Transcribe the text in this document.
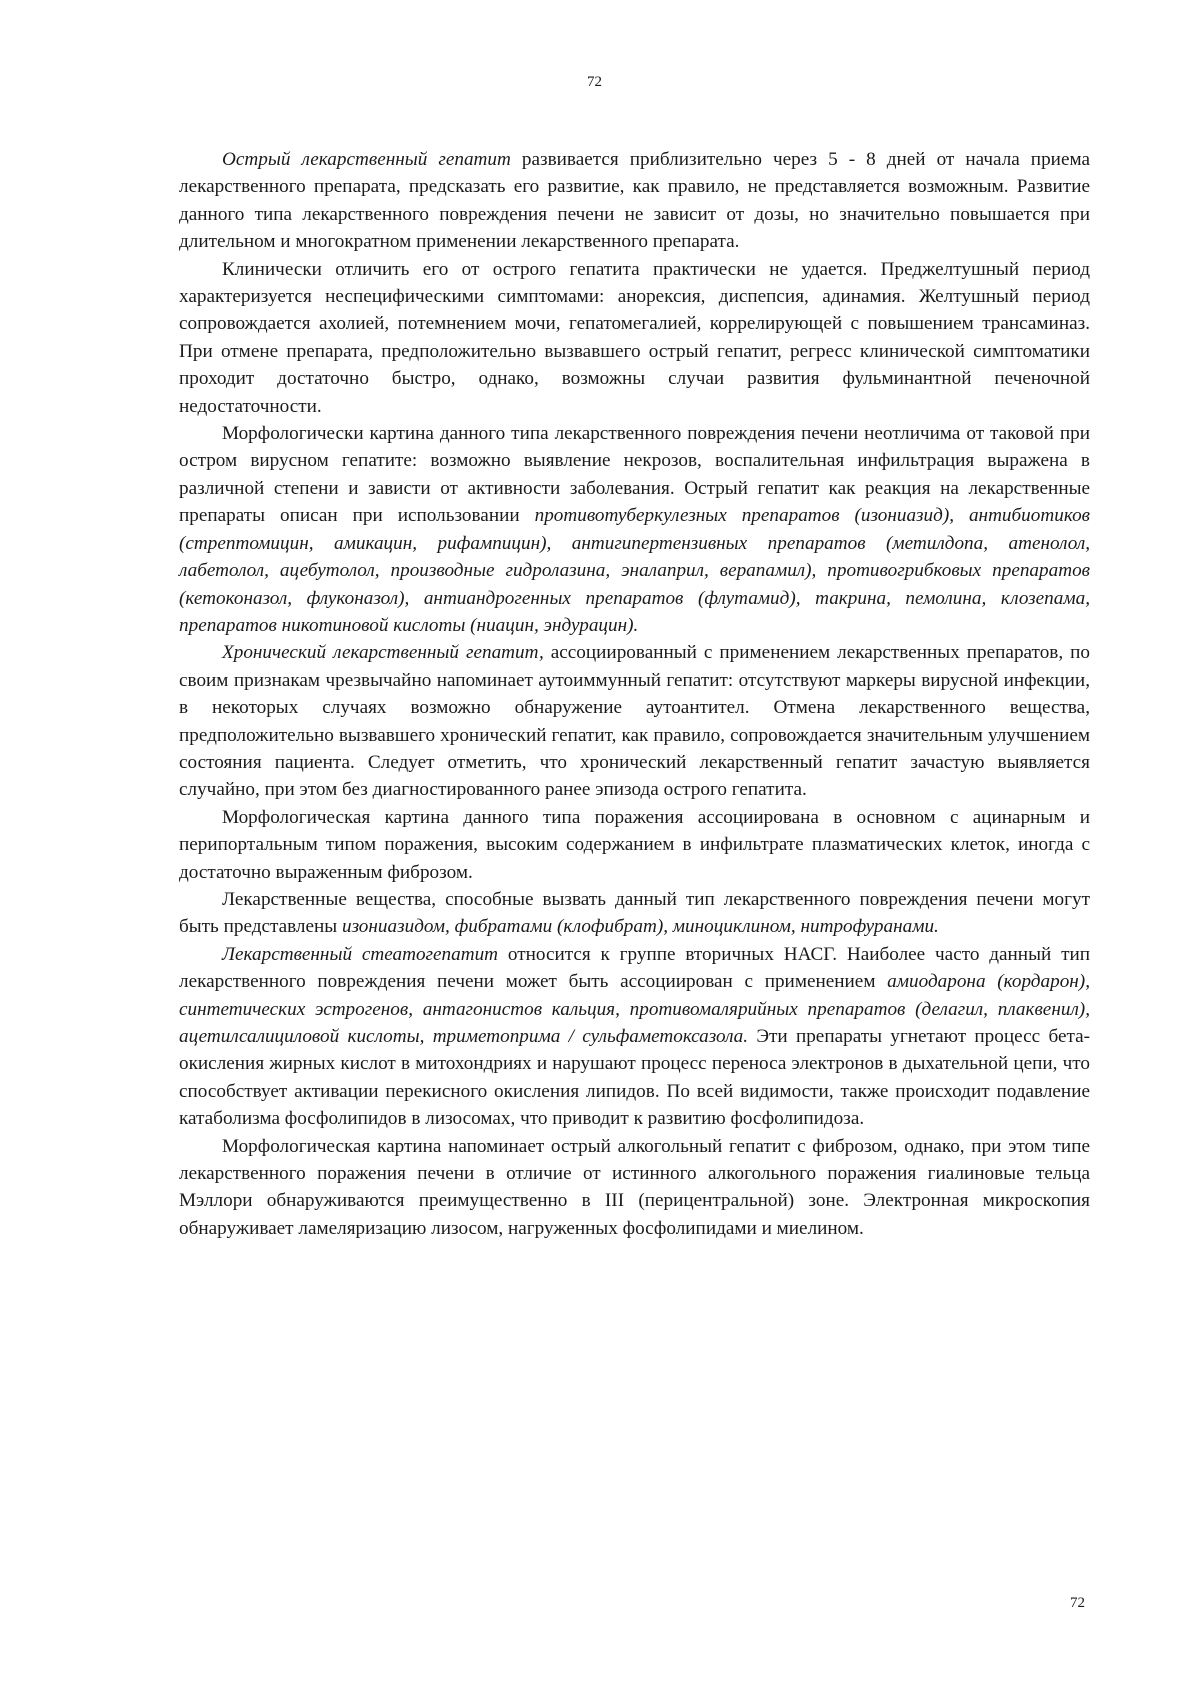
72

Острый лекарственный гепатит развивается приблизительно через 5 - 8 дней от начала приема лекарственного препарата, предсказать его развитие, как правило, не представляется возможным. Развитие данного типа лекарственного повреждения печени не зависит от дозы, но значительно повышается при длительном и многократном применении лекарственного препарата.

Клинически отличить его от острого гепатита практически не удается. Преджелтушный период характеризуется неспецифическими симптомами: анорексия, диспепсия, адинамия. Желтушный период сопровождается ахолией, потемнением мочи, гепатомегалией, коррелирующей с повышением трансаминаз. При отмене препарата, предположительно вызвавшего острый гепатит, регресс клинической симптоматики проходит достаточно быстро, однако, возможны случаи развития фульминантной печеночной недостаточности.

Морфологически картина данного типа лекарственного повреждения печени неотличима от таковой при остром вирусном гепатите: возможно выявление некрозов, воспалительная инфильтрация выражена в различной степени и зависти от активности заболевания. Острый гепатит как реакция на лекарственные препараты описан при использовании противотуберкулезных препаратов (изониазид), антибиотиков (стрептомицин, амикацин, рифампицин), антигипертензивных препаратов (метилдопа, атенолол, лабетолол, ацебутолол, производные гидролазина, эналаприл, верапамил), противогрибковых препаратов (кетоконазол, флуконазол), антиандрогенных препаратов (флутамид), такрина, пемолина, клозепама, препаратов никотиновой кислоты (ниацин, эндурацин).

Хронический лекарственный гепатит, ассоциированный с применением лекарственных препаратов, по своим признакам чрезвычайно напоминает аутоиммунный гепатит: отсутствуют маркеры вирусной инфекции, в некоторых случаях возможно обнаружение аутоантител. Отмена лекарственного вещества, предположительно вызвавшего хронический гепатит, как правило, сопровождается значительным улучшением состояния пациента. Следует отметить, что хронический лекарственный гепатит зачастую выявляется случайно, при этом без диагностированного ранее эпизода острого гепатита.

Морфологическая картина данного типа поражения ассоциирована в основном с ацинарным и перипортальным типом поражения, высоким содержанием в инфильтрате плазматических клеток, иногда с достаточно выраженным фиброзом.

Лекарственные вещества, способные вызвать данный тип лекарственного повреждения печени могут быть представлены изониазидом, фибратами (клофибрат), миноциклином, нитрофуранами.

Лекарственный стеатогепатит относится к группе вторичных НАСГ. Наиболее часто данный тип лекарственного повреждения печени может быть ассоциирован с применением амиодарона (кордарон), синтетических эстрогенов, антагонистов кальция, противомалярийных препаратов (делагил, плаквенил), ацетилсалициловой кислоты, триметоприма / сульфаметоксазола. Эти препараты угнетают процесс бета-окисления жирных кислот в митохондриях и нарушают процесс переноса электронов в дыхательной цепи, что способствует активации перекисного окисления липидов. По всей видимости, также происходит подавление катаболизма фосфолипидов в лизосомах, что приводит к развитию фосфолипидоза.

Морфологическая картина напоминает острый алкогольный гепатит с фиброзом, однако, при этом типе лекарственного поражения печени в отличие от истинного алкогольного поражения гиалиновые тельца Мэллори обнаруживаются преимущественно в III (перицентральной) зоне. Электронная микроскопия обнаруживает ламеляризацию лизосом, нагруженных фосфолипидами и миелином.

72
